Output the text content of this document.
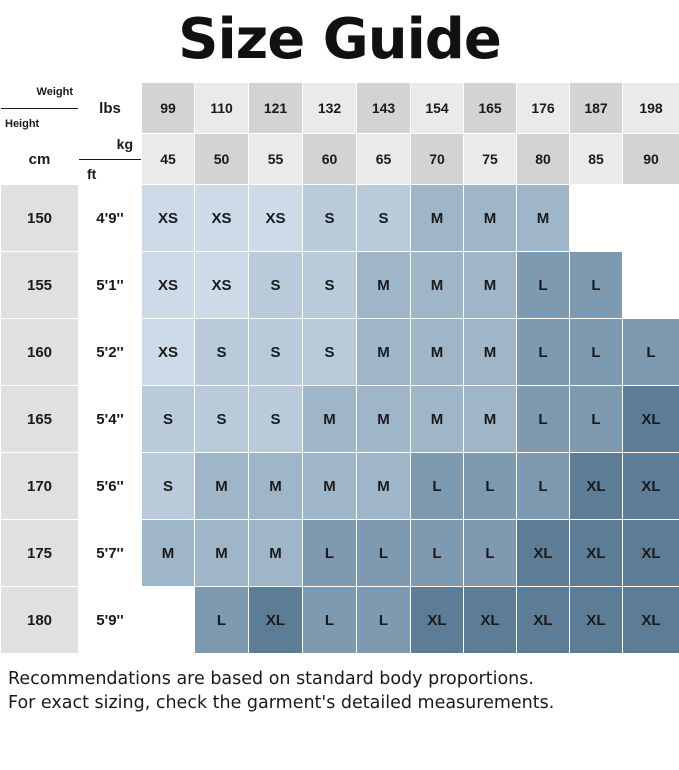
Size Guide
Weight
Height	lbs	99	110	121	132	143	154	165	176	187	198
cm	kg
ft	45	50	55	60	65	70	75	80	85	90
150	4'9''	XS	XS	XS	S	S	M	M	M		
155	5'1''	XS	XS	S	S	M	M	M	L	L	
160	5'2''	XS	S	S	S	M	M	M	L	L	L
165	5'4''	S	S	S	M	M	M	M	L	L	XL
170	5'6''	S	M	M	M	M	L	L	L	XL	XL
175	5'7''	M	M	M	L	L	L	L	XL	XL	XL
180	5'9''		L	XL	L	L	XL	XL	XL	XL	XL
Recommendations are based on standard body proportions.
For exact sizing, check the garment's detailed measurements.
